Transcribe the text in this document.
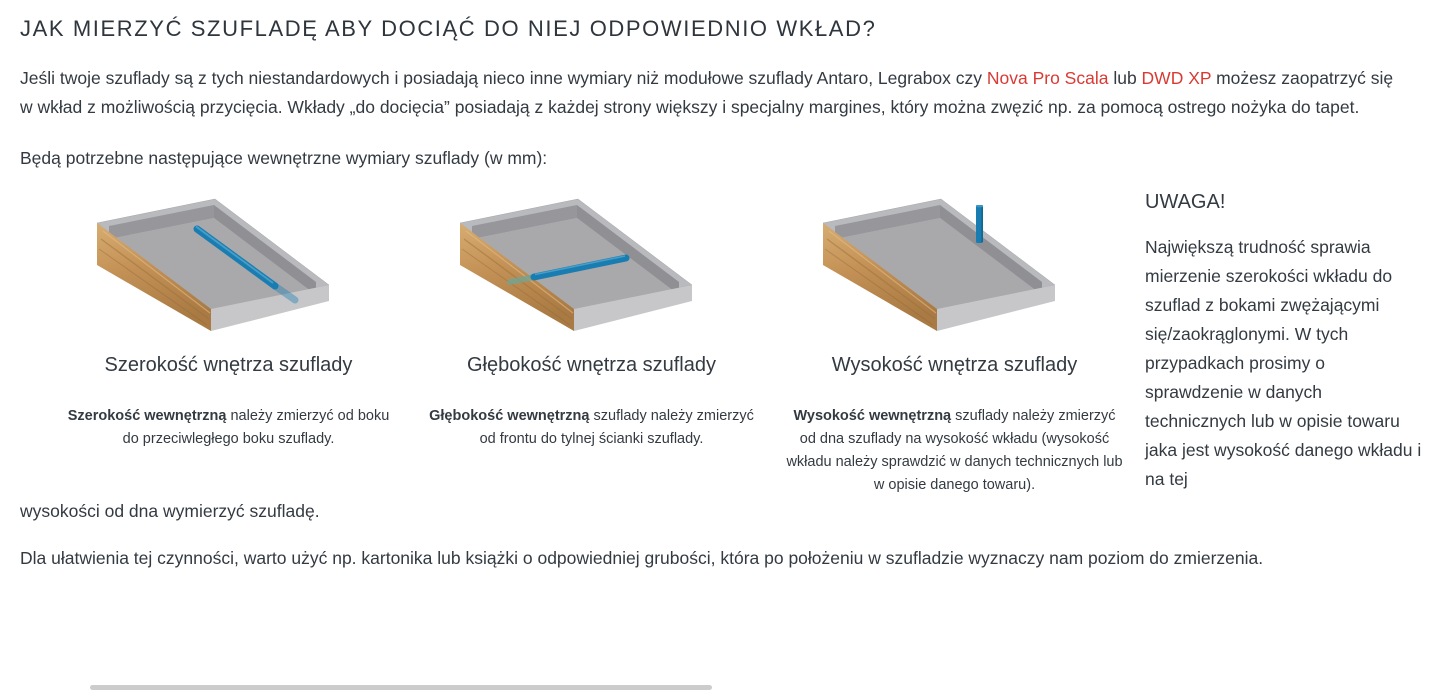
JAK MIERZYĆ SZUFLADĘ ABY DOCIĄĆ DO NIEJ ODPOWIEDNIO WKŁAD?

Jeśli twoje szuflady są z tych niestandardowych i posiadają nieco inne wymiary niż modułowe szuflady Antaro, Legrabox czy Nova Pro Scala lub DWD XP możesz zaopatrzyć się w wkład z możliwością przycięcia. Wkłady „do docięcia” posiadają z każdej strony większy i specjalny margines, który można zwęzić np. za pomocą ostrego nożyka do tapet.

Będą potrzebne następujące wewnętrzne wymiary szuflady (w mm):

Szerokość wnętrza szuflady
Szerokość wewnętrzną należy zmierzyć od boku do przeciwległego boku szuflady.
Głębokość wnętrza szuflady
Głębokość wewnętrzną szuflady należy zmierzyć od frontu do tylnej ścianki szuflady.
Wysokość wnętrza szuflady
Wysokość wewnętrzną szuflady należy zmierzyć od dna szuflady na wysokość wkładu (wysokość wkładu należy sprawdzić w danych technicznych lub w opisie danego towaru).
UWAGA!

Największą trudność sprawia mierzenie szerokości wkładu do szuflad z bokami zwężającymi się/zaokrąglonymi. W tych przypadkach prosimy o sprawdzenie w danych technicznych lub w opisie towaru jaka jest wysokość danego wkładu i na tej

wysokości od dna wymierzyć szufladę.

Dla ułatwienia tej czynności, warto użyć np. kartonika lub książki o odpowiedniej grubości, która po położeniu w szufladzie wyznaczy nam poziom do zmierzenia.
